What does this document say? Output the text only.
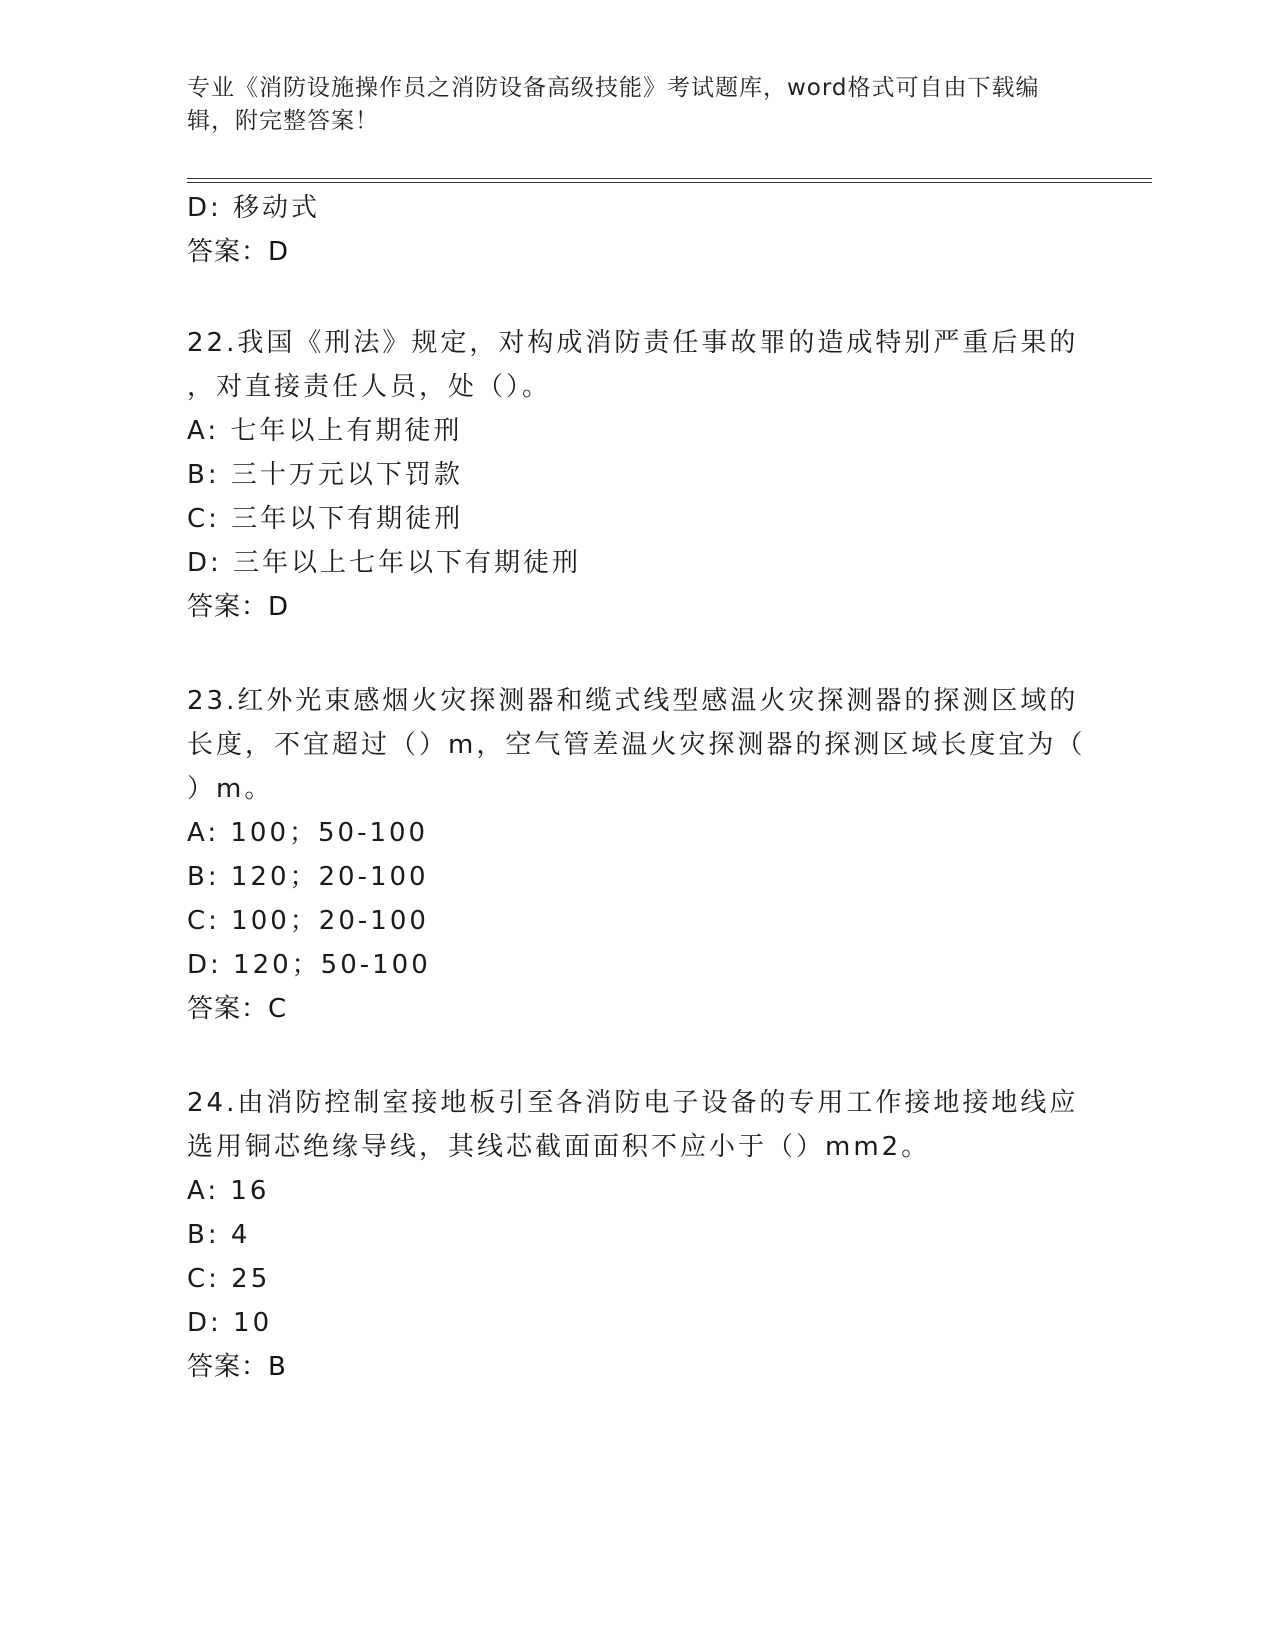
专业《消防设施操作员之消防设备高级技能》考试题库，word格式可自由下载编辑，附完整答案！
D: 移动式
答案：D
22.我国《刑法》规定，对构成消防责任事故罪的造成特别严重后果的
，对直接责任人员，处（）。
A: 七年以上有期徒刑
B: 三十万元以下罚款
C: 三年以下有期徒刑
D: 三年以上七年以下有期徒刑
答案：D
23.红外光束感烟火灾探测器和缆式线型感温火灾探测器的探测区域的
长度，不宜超过（）m，空气管差温火灾探测器的探测区域长度宜为（
）m。
A: 100；50-100
B: 120；20-100
C: 100；20-100
D: 120；50-100
答案：C
24.由消防控制室接地板引至各消防电子设备的专用工作接地接地线应
选用铜芯绝缘导线，其线芯截面面积不应小于（）mm2。
A: 16
B: 4
C: 25
D: 10
答案：B
